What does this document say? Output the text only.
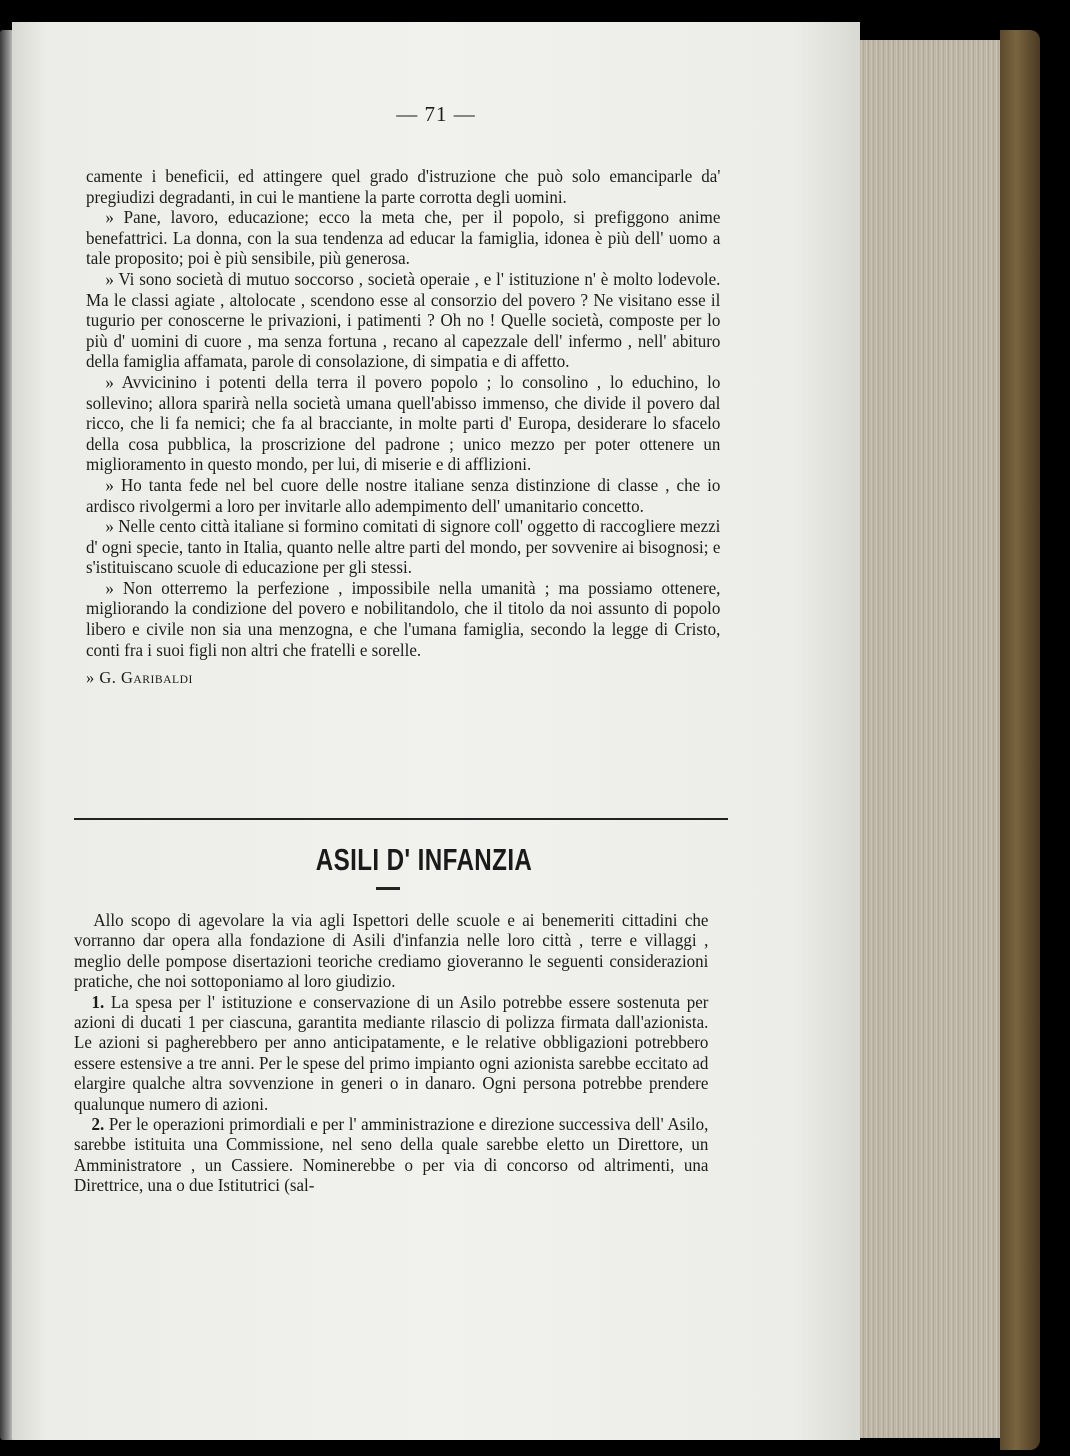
— 71 —

camente i beneficii, ed attingere quel grado d'istruzione che può solo emanciparle da' pregiudizi degradanti, in cui le mantiene la parte corrotta degli uomini.

» Pane, lavoro, educazione; ecco la meta che, per il popolo, si prefiggono anime benefattrici. La donna, con la sua tendenza ad educar la famiglia, idonea è più dell' uomo a tale proposito; poi è più sensibile, più generosa.

» Vi sono società di mutuo soccorso , società operaie , e l' istituzione n' è molto lodevole. Ma le classi agiate , altolocate , scendono esse al consorzio del povero ? Ne visitano esse il tugurio per conoscerne le privazioni, i patimenti ? Oh no ! Quelle società, composte per lo più d' uomini di cuore , ma senza fortuna , recano al capezzale dell' infermo , nell' abituro della famiglia affamata, parole di consolazione, di simpatia e di affetto.

» Avvicinino i potenti della terra il povero popolo ; lo consolino , lo educhino, lo sollevino; allora sparirà nella società umana quell'abisso immenso, che divide il povero dal ricco, che li fa nemici; che fa al bracciante, in molte parti d' Europa, desiderare lo sfacelo della cosa pubblica, la proscrizione del padrone ; unico mezzo per poter ottenere un miglioramento in questo mondo, per lui, di miserie e di afflizioni.

» Ho tanta fede nel bel cuore delle nostre italiane senza distinzione di classe , che io ardisco rivolgermi a loro per invitarle allo adempimento dell' umanitario concetto.

» Nelle cento città italiane si formino comitati di signore coll' oggetto di raccogliere mezzi d' ogni specie, tanto in Italia, quanto nelle altre parti del mondo, per sovvenire ai bisognosi; e s'istituiscano scuole di educazione per gli stessi.

» Non otterremo la perfezione , impossibile nella umanità ; ma possiamo ottenere, migliorando la condizione del povero e nobilitandolo, che il titolo da noi assunto di popolo libero e civile non sia una menzogna, e che l'umana famiglia, secondo la legge di Cristo, conti fra i suoi figli non altri che fratelli e sorelle.

» G. Garibaldi

ASILI D' INFANZIA

Allo scopo di agevolare la via agli Ispettori delle scuole e ai benemeriti cittadini che vorranno dar opera alla fondazione di Asili d'infanzia nelle loro città , terre e villaggi , meglio delle pompose disertazioni teoriche crediamo gioveranno le seguenti considerazioni pratiche, che noi sottoponiamo al loro giudizio.

1. La spesa per l' istituzione e conservazione di un Asilo potrebbe essere sostenuta per azioni di ducati 1 per ciascuna, garantita mediante rilascio di polizza firmata dall'azionista. Le azioni si pagherebbero per anno anticipatamente, e le relative obbligazioni potrebbero essere estensive a tre anni. Per le spese del primo impianto ogni azionista sarebbe eccitato ad elargire qualche altra sovvenzione in generi o in danaro. Ogni persona potrebbe prendere qualunque numero di azioni.

2. Per le operazioni primordiali e per l' amministrazione e direzione successiva dell' Asilo, sarebbe istituita una Commissione, nel seno della quale sarebbe eletto un Direttore, un Amministratore , un Cassiere. Nominerebbe o per via di concorso od altrimenti, una Direttrice, una o due Istitutrici (sal-
